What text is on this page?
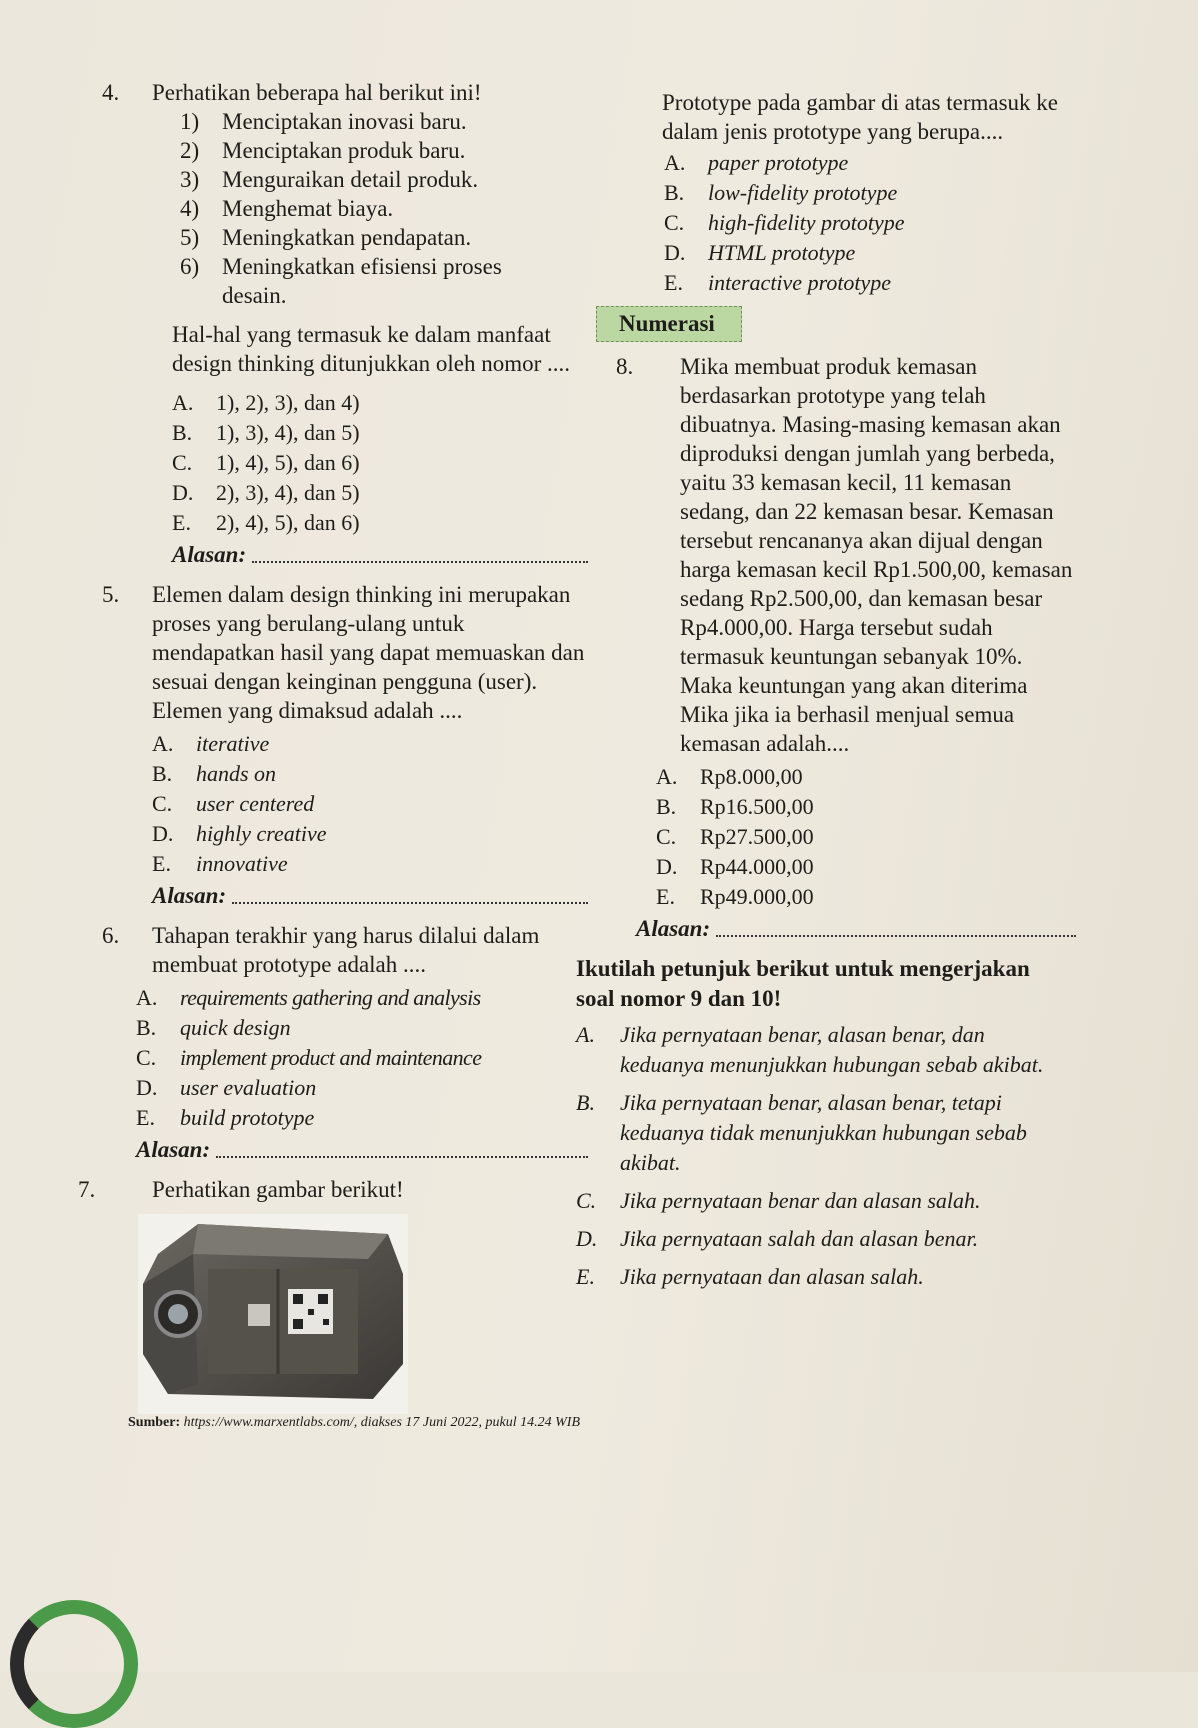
4.	Perhatikan beberapa hal berikut ini!
1) Menciptakan inovasi baru.
2) Menciptakan produk baru.
3) Menguraikan detail produk.
4) Menghemat biaya.
5) Meningkatkan pendapatan.
6) Meningkatkan efisiensi proses desain.
Hal-hal yang termasuk ke dalam manfaat design thinking ditunjukkan oleh nomor ....
A.	1), 2), 3), dan 4)
B.	1), 3), 4), dan 5)
C.	1), 4), 5), dan 6)
D.	2), 3), 4), dan 5)
E.	2), 4), 5), dan 6)
Alasan:
5.	Elemen dalam design thinking ini merupakan proses yang berulang-ulang untuk mendapatkan hasil yang dapat memuaskan dan sesuai dengan keinginan pengguna (user). Elemen yang dimaksud adalah ....
A.	iterative
B.	hands on
C.	user centered
D.	highly creative
E.	innovative
Alasan:
6.	Tahapan terakhir yang harus dilalui dalam membuat prototype adalah ....
A.	requirements gathering and analysis
B.	quick design
C.	implement product and maintenance
D.	user evaluation
E.	build prototype
Alasan:
7.	Perhatikan gambar berikut!
Sumber: https://www.marxentlabs.com/, diakses 17 Juni 2022, pukul 14.24 WIB
Prototype pada gambar di atas termasuk ke dalam jenis prototype yang berupa....
A.	paper prototype
B.	low-fidelity prototype
C.	high-fidelity prototype
D.	HTML prototype
E.	interactive prototype
Numerasi
8.	Mika membuat produk kemasan berdasarkan prototype yang telah dibuatnya. Masing-masing kemasan akan diproduksi dengan jumlah yang berbeda, yaitu 33 kemasan kecil, 11 kemasan sedang, dan 22 kemasan besar. Kemasan tersebut rencananya akan dijual dengan harga kemasan kecil Rp1.500,00, kemasan sedang Rp2.500,00, dan kemasan besar Rp4.000,00. Harga tersebut sudah termasuk keuntungan sebanyak 10%. Maka keuntungan yang akan diterima Mika jika ia berhasil menjual semua kemasan adalah....
A.	Rp8.000,00
B.	Rp16.500,00
C.	Rp27.500,00
D.	Rp44.000,00
E.	Rp49.000,00
Alasan:
Ikutilah petunjuk berikut untuk mengerjakan soal nomor 9 dan 10!
A.	Jika pernyataan benar, alasan benar, dan keduanya menunjukkan hubungan sebab akibat.
B.	Jika pernyataan benar, alasan benar, tetapi keduanya tidak menunjukkan hubungan sebab akibat.
C.	Jika pernyataan benar dan alasan salah.
D.	Jika pernyataan salah dan alasan benar.
E.	Jika pernyataan dan alasan salah.
